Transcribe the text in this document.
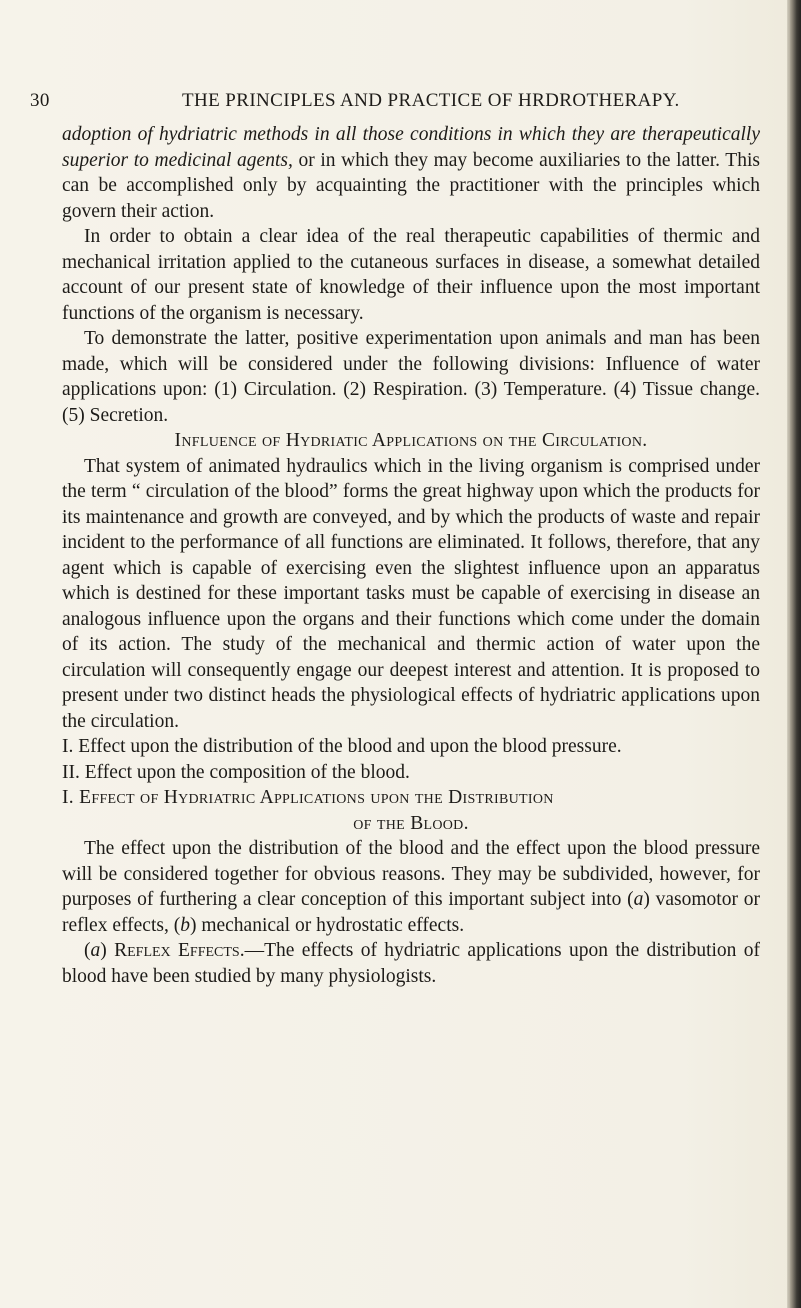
30	THE PRINCIPLES AND PRACTICE OF HRDROTHERAPY.

adoption of hydriatric methods in all those conditions in which they are therapeutically superior to medicinal agents, or in which they may become auxiliaries to the latter. This can be accomplished only by acquainting the practitioner with the principles which govern their action.

In order to obtain a clear idea of the real therapeutic capabilities of thermic and mechanical irritation applied to the cutaneous surfaces in disease, a somewhat detailed account of our present state of knowledge of their influence upon the most important functions of the organism is necessary.

To demonstrate the latter, positive experimentation upon animals and man has been made, which will be considered under the following divisions: Influence of water applications upon: (1) Circulation. (2) Respiration. (3) Temperature. (4) Tissue change. (5) Secretion.

Influence of Hydriatic Applications on the Circulation.

That system of animated hydraulics which in the living organism is comprised under the term “ circulation of the blood” forms the great highway upon which the products for its maintenance and growth are conveyed, and by which the products of waste and repair incident to the performance of all functions are eliminated. It follows, therefore, that any agent which is capable of exercising even the slightest influence upon an apparatus which is destined for these important tasks must be capable of exercising in disease an analogous influence upon the organs and their functions which come under the domain of its action. The study of the mechanical and thermic action of water upon the circulation will consequently engage our deepest interest and attention. It is proposed to present under two distinct heads the physiological effects of hydriatric applications upon the circulation.

I. Effect upon the distribution of the blood and upon the blood pressure.

II. Effect upon the composition of the blood.

I. Effect of Hydriatric Applications upon the Distribution
of the Blood.

The effect upon the distribution of the blood and the effect upon the blood pressure will be considered together for obvious reasons. They may be subdivided, however, for purposes of furthering a clear conception of this important subject into (a) vasomotor or reflex effects, (b) mechanical or hydrostatic effects.

(a) Reflex Effects.—The effects of hydriatric applications upon the distribution of blood have been studied by many physiologists.
